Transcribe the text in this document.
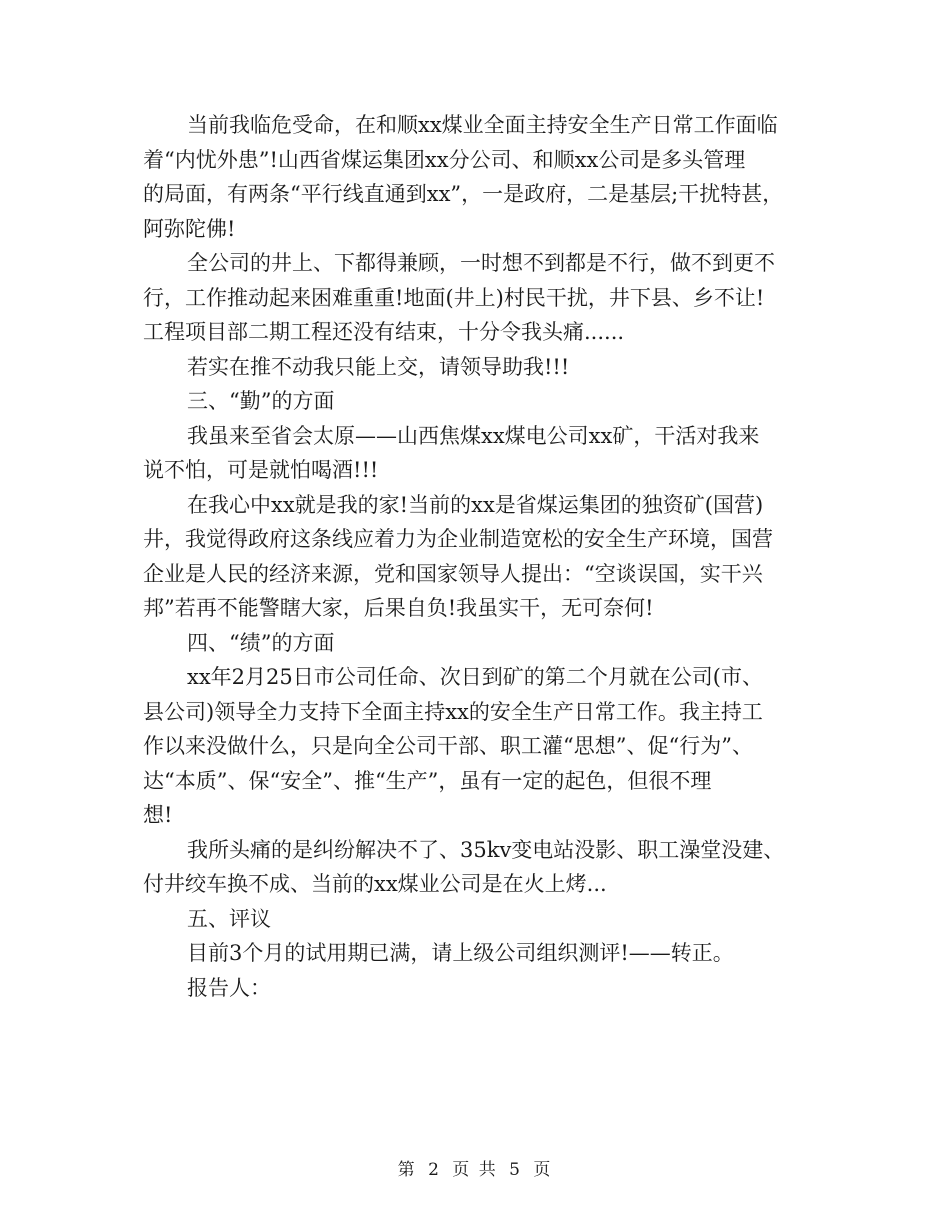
当前我临危受命，在和顺xx煤业全面主持安全生产日常工作面临
着“内忧外患”!山西省煤运集团xx分公司、和顺xx公司是多头管理
的局面，有两条“平行线直通到xx”，一是政府，二是基层;干扰特甚，
阿弥陀佛!
全公司的井上、下都得兼顾，一时想不到都是不行，做不到更不
行，工作推动起来困难重重!地面(井上)村民干扰，井下县、乡不让!
工程项目部二期工程还没有结束，十分令我头痛......
若实在推不动我只能上交，请领导助我!!!
三、“勤”的方面
我虽来至省会太原——山西焦煤xx煤电公司xx矿，干活对我来
说不怕，可是就怕喝酒!!!
在我心中xx就是我的家!当前的xx是省煤运集团的独资矿(国营)
井，我觉得政府这条线应着力为企业制造宽松的安全生产环境，国营
企业是人民的经济来源，党和国家领导人提出：“空谈误国，实干兴
邦”若再不能警瞎大家，后果自负!我虽实干，无可奈何!
四、“绩”的方面
xx年2月25日市公司任命、次日到矿的第二个月就在公司(市、
县公司)领导全力支持下全面主持xx的安全生产日常工作。我主持工
作以来没做什么，只是向全公司干部、职工灌“思想”、促“行为”、
达“本质”、保“安全”、推“生产”，虽有一定的起色，但很不理
想!
我所头痛的是纠纷解决不了、35kv变电站没影、职工澡堂没建、
付井绞车换不成、当前的xx煤业公司是在火上烤...
五、评议
目前3个月的试用期已满，请上级公司组织测评!——转正。
报告人：
第 2 页 共 5 页
